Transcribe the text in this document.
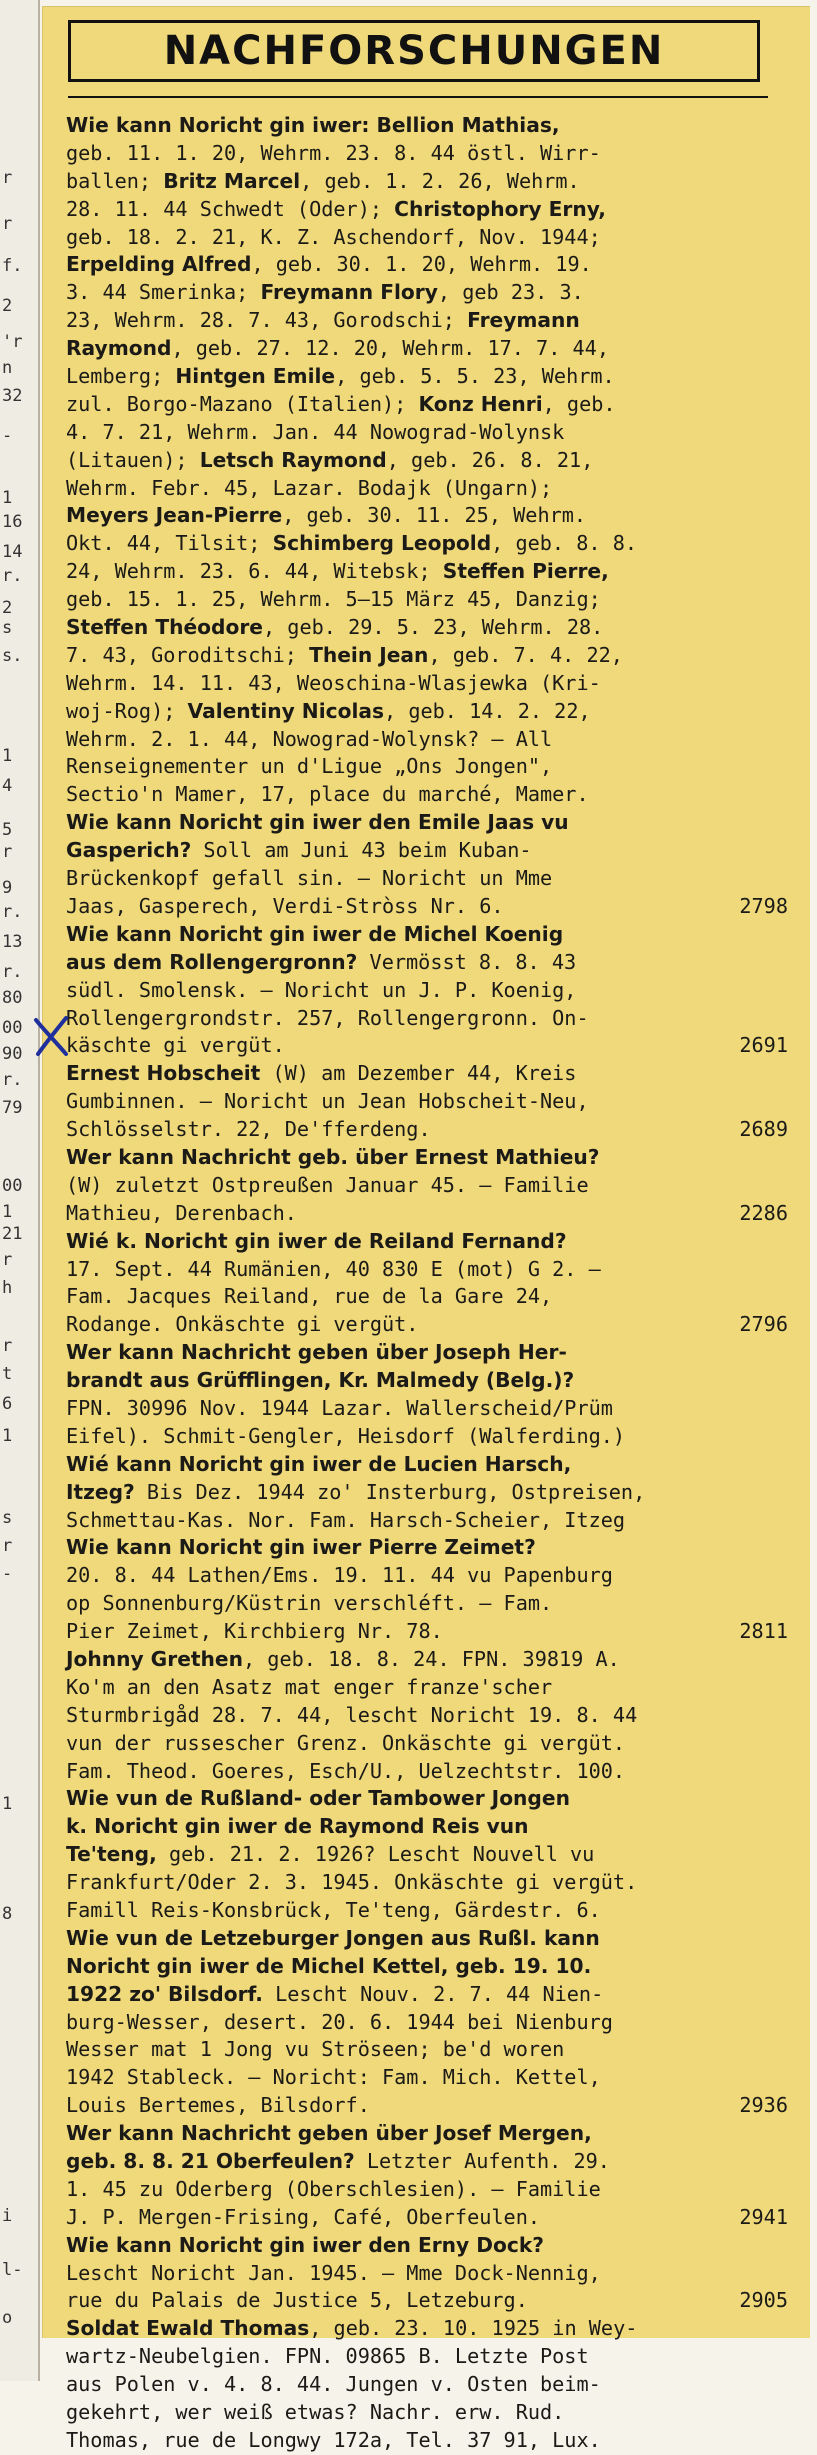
r
r
f.
2
'r
n
32
-
1
16
14
r.
2
s
s.
1
4
5
r
9
r.
13
r.
80
00
90
r.
79
00
1
21
r
h
r
t
6
1
s
r
-
1
8
i
l-
o
NACHFORSCHUNGEN
Wie kann Noricht gin iwer: Bellion Mathias,
geb. 11. 1. 20, Wehrm. 23. 8. 44 östl. Wirr-
ballen; Britz Marcel, geb. 1. 2. 26, Wehrm.
28. 11. 44 Schwedt (Oder); Christophory Erny,
geb. 18. 2. 21, K. Z. Aschendorf, Nov. 1944;
Erpelding Alfred, geb. 30. 1. 20, Wehrm. 19.
3. 44 Smerinka; Freymann Flory, geb 23. 3.
23, Wehrm. 28. 7. 43, Gorodschi; Freymann
Raymond, geb. 27. 12. 20, Wehrm. 17. 7. 44,
Lemberg; Hintgen Emile, geb. 5. 5. 23, Wehrm.
zul. Borgo-Mazano (Italien); Konz Henri, geb.
4. 7. 21, Wehrm. Jan. 44 Nowograd-Wolynsk
(Litauen); Letsch Raymond, geb. 26. 8. 21,
Wehrm. Febr. 45, Lazar. Bodajk (Ungarn);
Meyers Jean-Pierre, geb. 30. 11. 25, Wehrm.
Okt. 44, Tilsit; Schimberg Leopold, geb. 8. 8.
24, Wehrm. 23. 6. 44, Witebsk; Steffen Pierre,
geb. 15. 1. 25, Wehrm. 5—15 März 45, Danzig;
Steffen Théodore, geb. 29. 5. 23, Wehrm. 28.
7. 43, Goroditschi; Thein Jean, geb. 7. 4. 22,
Wehrm. 14. 11. 43, Weoschina-Wlasjewka (Kri-
woj-Rog); Valentiny Nicolas, geb. 14. 2. 22,
Wehrm. 2. 1. 44, Nowograd-Wolynsk? — All
Renseignementer un d'Ligue „Ons Jongen",
Sectio'n Mamer, 17, place du marché, Mamer.
Wie kann Noricht gin iwer den Emile Jaas vu
Gasperich? Soll am Juni 43 beim Kuban-
Brückenkopf gefall sin. — Noricht un Mme
Jaas, Gasperech, Verdi-Stròss Nr. 6.	2798
Wie kann Noricht gin iwer de Michel Koenig
aus dem Rollengergronn? Vermösst 8. 8. 43
südl. Smolensk. — Noricht un J. P. Koenig,
Rollengergrondstr. 257, Rollengergronn. On-
käschte gi vergüt.	2691
Ernest Hobscheit (W) am Dezember 44, Kreis
Gumbinnen. — Noricht un Jean Hobscheit-Neu,
Schlösselstr. 22, De'fferdeng.	2689
Wer kann Nachricht geb. über Ernest Mathieu?
(W) zuletzt Ostpreußen Januar 45. — Familie
Mathieu, Derenbach.	2286
Wié k. Noricht gin iwer de Reiland Fernand?
17. Sept. 44 Rumänien, 40 830 E (mot) G 2. —
Fam. Jacques Reiland, rue de la Gare 24,
Rodange. Onkäschte gi vergüt.	2796
Wer kann Nachricht geben über Joseph Her-
brandt aus Grüfflingen, Kr. Malmedy (Belg.)?
FPN. 30996 Nov. 1944 Lazar. Wallerscheid/Prüm
Eifel). Schmit-Gengler, Heisdorf (Walferding.)
Wié kann Noricht gin iwer de Lucien Harsch,
Itzeg? Bis Dez. 1944 zo' Insterburg, Ostpreisen,
Schmettau-Kas. Nor. Fam. Harsch-Scheier, Itzeg
Wie kann Noricht gin iwer Pierre Zeimet?
20. 8. 44 Lathen/Ems. 19. 11. 44 vu Papenburg
op Sonnenburg/Küstrin verschléft. — Fam.
Pier Zeimet, Kirchbierg Nr. 78.	2811
Johnny Grethen, geb. 18. 8. 24. FPN. 39819 A.
Ko'm an den Asatz mat enger franze'scher
Sturmbrigåd 28. 7. 44, lescht Noricht 19. 8. 44
vun der russescher Grenz. Onkäschte gi vergüt.
Fam. Theod. Goeres, Esch/U., Uelzechtstr. 100.
Wie vun de Rußland- oder Tambower Jongen
k. Noricht gin iwer de Raymond Reis vun
Te'teng, geb. 21. 2. 1926? Lescht Nouvell vu
Frankfurt/Oder 2. 3. 1945. Onkäschte gi vergüt.
Famill Reis-Konsbrück, Te'teng, Gärdestr. 6.
Wie vun de Letzeburger Jongen aus Rußl. kann
Noricht gin iwer de Michel Kettel, geb. 19. 10.
1922 zo' Bilsdorf. Lescht Nouv. 2. 7. 44 Nien-
burg-Wesser, desert. 20. 6. 1944 bei Nienburg
Wesser mat 1 Jong vu Ströseen; be'd woren
1942 Stableck. — Noricht: Fam. Mich. Kettel,
Louis Bertemes, Bilsdorf.	2936
Wer kann Nachricht geben über Josef Mergen,
geb. 8. 8. 21 Oberfeulen? Letzter Aufenth. 29.
1. 45 zu Oderberg (Oberschlesien). — Familie
J. P. Mergen-Frising, Café, Oberfeulen.	2941
Wie kann Noricht gin iwer den Erny Dock?
Lescht Noricht Jan. 1945. — Mme Dock-Nennig,
rue du Palais de Justice 5, Letzeburg.	2905
Soldat Ewald Thomas, geb. 23. 10. 1925 in Wey-
wartz-Neubelgien. FPN. 09865 B. Letzte Post
aus Polen v. 4. 8. 44. Jungen v. Osten beim-
gekehrt, wer weiß etwas? Nachr. erw. Rud.
Thomas, rue de Longwy 172a, Tel. 37 91, Lux.
